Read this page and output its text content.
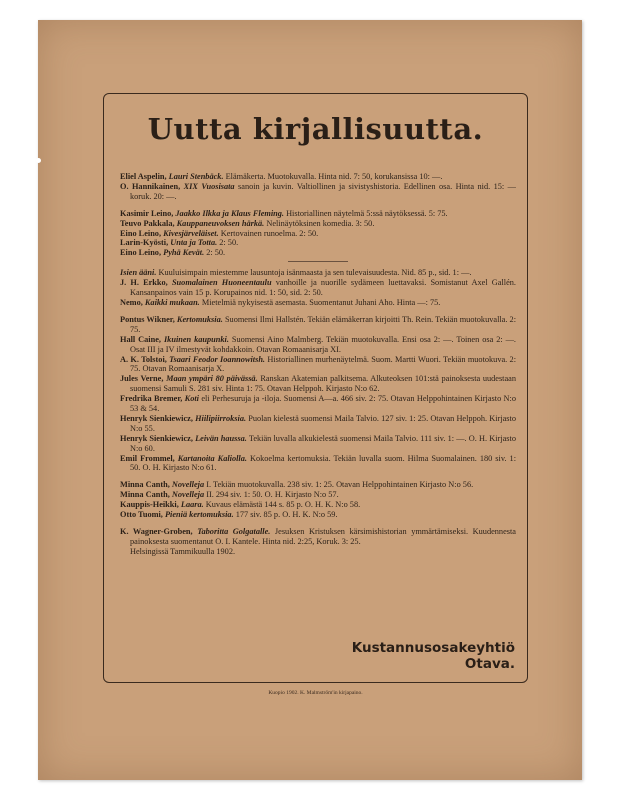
Uutta kirjallisuutta.

Eliel Aspelin, Lauri Stenbäck. Elämäkerta. Muotokuvalla. Hinta nid. 7: 50, korukansissa 10: —.

O. Hannikainen, XIX Vuosisata sanoin ja kuvin. Valtiollinen ja sivistyshistoria. Edellinen osa. Hinta nid. 15: — koruk. 20: —.

Kasimir Leino, Jaakko Ilkka ja Klaus Fleming. Historiallinen näytelmä 5:ssä näytöksessä. 5: 75.

Teuvo Pakkala, Kauppaneuvoksen härkä. Nelinäytöksinen komedia. 3: 50.

Eino Leino, Kivesjärveläiset. Kertovainen runoelma. 2: 50.

Larin-Kyösti, Unta ja Totta. 2: 50.

Eino Leino, Pyhä Kevät. 2: 50.

Isien ääni. Kuuluisimpain miestemme lausuntoja isänmaasta ja sen tulevaisuudesta. Nid. 85 p., sid. 1: —.

J. H. Erkko, Suomalainen Huoneentaulu vanhoille ja nuorille sydämeen luettavaksi. Somistanut Axel Gallén. Kansanpainos vain 15 p. Korupainos nid. 1: 50, sid. 2: 50.

Nemo, Kaikki mukaan. Mietelmiä nykyisestä asemasta. Suomentanut Juhani Aho. Hinta —: 75.

Pontus Wikner, Kertomuksia. Suomensi Ilmi Hallstén. Tekiän elämäkerran kirjoitti Th. Rein. Tekiän muotokuvalla. 2: 75.

Hall Caine, Ikuinen kaupunki. Suomensi Aino Malmberg. Tekiän muotokuvalla. Ensi osa 2: —. Toinen osa 2: —. Osat III ja IV ilmestyvät kohdakkoin. Otavan Romaanisarja XI.

A. K. Tolstoi, Tsaari Feodor Ioannowitsh. Historiallinen murhenäytelmä. Suom. Martti Wuori. Tekiän muotokuva. 2: 75. Otavan Romaanisarja X.

Jules Verne, Maan ympäri 80 päivässä. Ranskan Akatemian palkitsema. Alkuteoksen 101:stä painoksesta uudestaan suomensi Samuli S. 281 siv. Hinta 1: 75. Otavan Helppoh. Kirjasto N:o 62.

Fredrika Bremer, Koti eli Perhesuruja ja -iloja. Suomensi A—a. 466 siv. 2: 75. Otavan Helppohintainen Kirjasto N:o 53 & 54.

Henryk Sienkiewicz, Hiilipiirroksia. Puolan kielestä suomensi Maila Talvio. 127 siv. 1: 25. Otavan Helppoh. Kirjasto N:o 55.

Henryk Sienkiewicz, Leivän haussa. Tekiän luvalla alkukielestä suomensi Maila Talvio. 111 siv. 1: —. O. H. Kirjasto N:o 60.

Emil Frommel, Kartanoita Kaliolla. Kokoelma kertomuksia. Tekiän luvalla suom. Hilma Suomalainen. 180 siv. 1: 50. O. H. Kirjasto N:o 61.

Minna Canth, Novelleja I. Tekiän muotokuvalla. 238 siv. 1: 25. Otavan Helppohintainen Kirjasto N:o 56.

Minna Canth, Novelleja II. 294 siv. 1: 50. O. H. Kirjasto N:o 57.

Kauppis-Heikki, Laara. Kuvaus elämästä 144 s. 85 p. O. H. K. N:o 58.

Otto Tuomi, Pieniä kertomuksia. 177 siv. 85 p. O. H. K. N:o 59.

K. Wagner-Groben, Taboritta Golgatalle. Jesuksen Kristuksen kärsimishistorian ymmärtämiseksi. Kuudennesta painoksesta suomentanut O. I. Kantele. Hinta nid. 2:25, Koruk. 3: 25.

Helsingissä Tammikuulla 1902.

Kustannusosakeyhtiö Otava.
Kuopio 1902. K. Malmström'in kirjapaino.
